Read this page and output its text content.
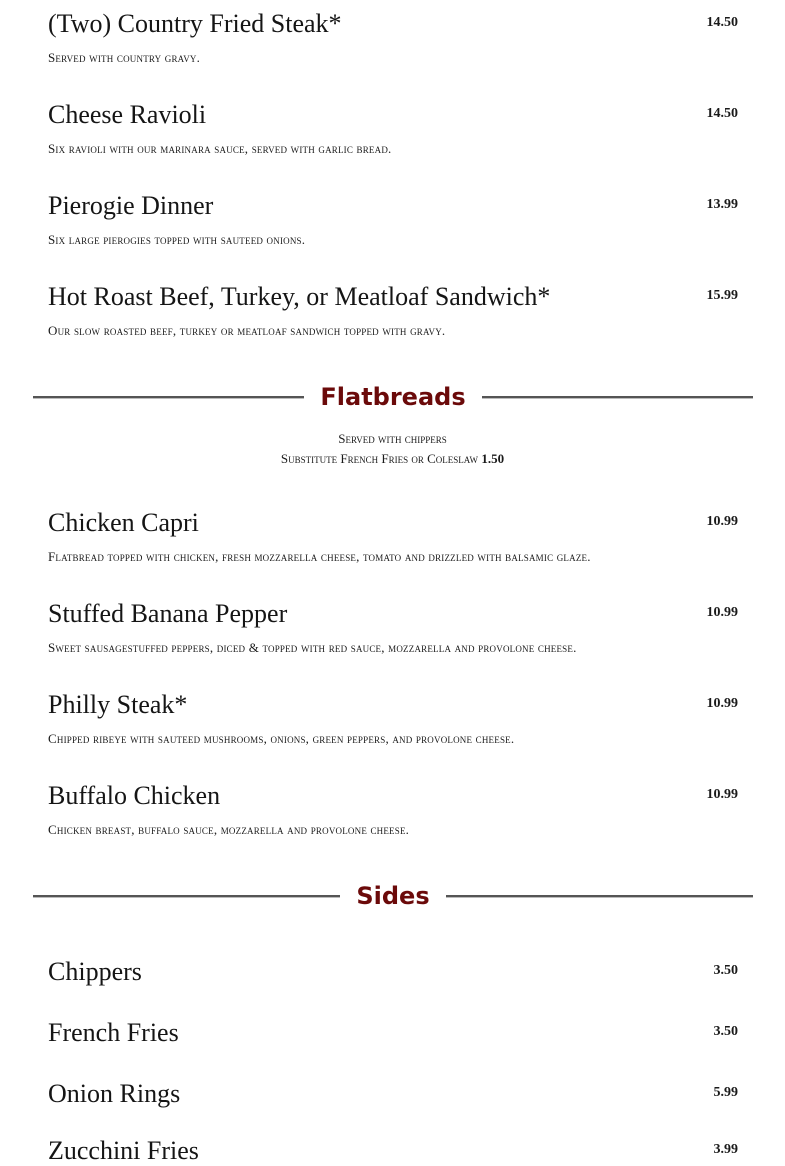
(Two) Country Fried Steak*	14.50
Served with country gravy.
Cheese Ravioli	14.50
Six ravioli with our marinara sauce, served with garlic bread.
Pierogie Dinner	13.99
Six large pierogies topped with sauteed onions.
Hot Roast Beef, Turkey, or Meatloaf Sandwich*	15.99
Our slow roasted beef, turkey or meatloaf sandwich topped with gravy.
Flatbreads
Served with chippers
Substitute French Fries or Coleslaw 1.50
Chicken Capri	10.99
Flatbread topped with chicken, fresh mozzarella cheese, tomato and drizzled with balsamic glaze.
Stuffed Banana Pepper	10.99
Sweet sausagestuffed peppers, diced & topped with red sauce, mozzarella and provolone cheese.
Philly Steak*	10.99
Chipped ribeye with sauteed mushrooms, onions, green peppers, and provolone cheese.
Buffalo Chicken	10.99
Chicken breast, buffalo sauce, mozzarella and provolone cheese.
Sides
Chippers	3.50
French Fries	3.50
Onion Rings	5.99
Zucchini Fries	3.99
